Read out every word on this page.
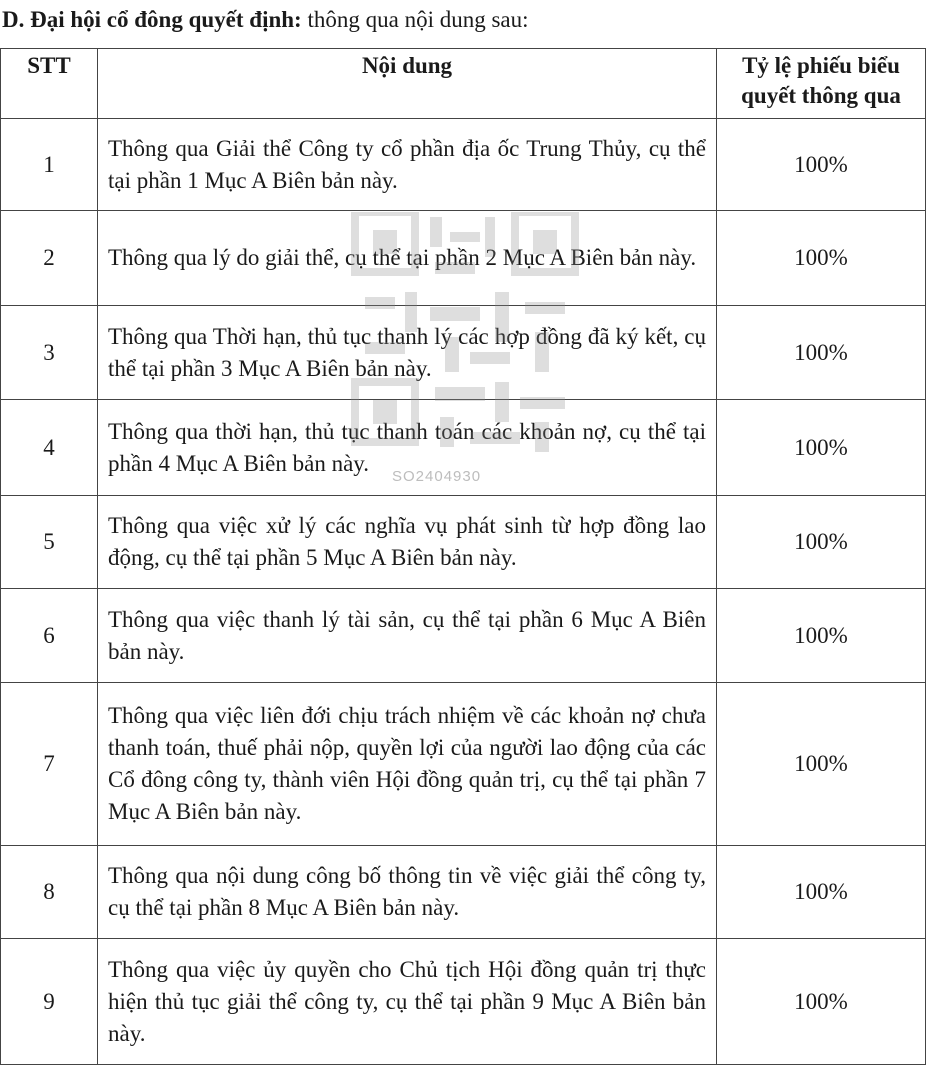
D. Đại hội cổ đông quyết định: thông qua nội dung sau:
STT	Nội dung	Tỷ lệ phiếu biểu quyết thông qua
1	Thông qua Giải thể Công ty cổ phần địa ốc Trung Thủy, cụ thể tại phần 1 Mục A Biên bản này.	100%
2	Thông qua lý do giải thể, cụ thể tại phần 2 Mục A Biên bản này.	100%
3	Thông qua Thời hạn, thủ tục thanh lý các hợp đồng đã ký kết, cụ thể tại phần 3 Mục A Biên bản này.	100%
4	Thông qua thời hạn, thủ tục thanh toán các khoản nợ, cụ thể tại phần 4 Mục A Biên bản này.	100%
5	Thông qua việc xử lý các nghĩa vụ phát sinh từ hợp đồng lao động, cụ thể tại phần 5 Mục A Biên bản này.	100%
6	Thông qua việc thanh lý tài sản, cụ thể tại phần 6 Mục A Biên bản này.	100%
7	Thông qua việc liên đới chịu trách nhiệm về các khoản nợ chưa thanh toán, thuế phải nộp, quyền lợi của người lao động của các Cổ đông công ty, thành viên Hội đồng quản trị, cụ thể tại phần 7 Mục A Biên bản này.	100%
8	Thông qua nội dung công bố thông tin về việc giải thể công ty, cụ thể tại phần 8 Mục A Biên bản này.	100%
9	Thông qua việc ủy quyền cho Chủ tịch Hội đồng quản trị thực hiện thủ tục giải thể công ty, cụ thể tại phần 9 Mục A Biên bản này.	100%
SO2404930
